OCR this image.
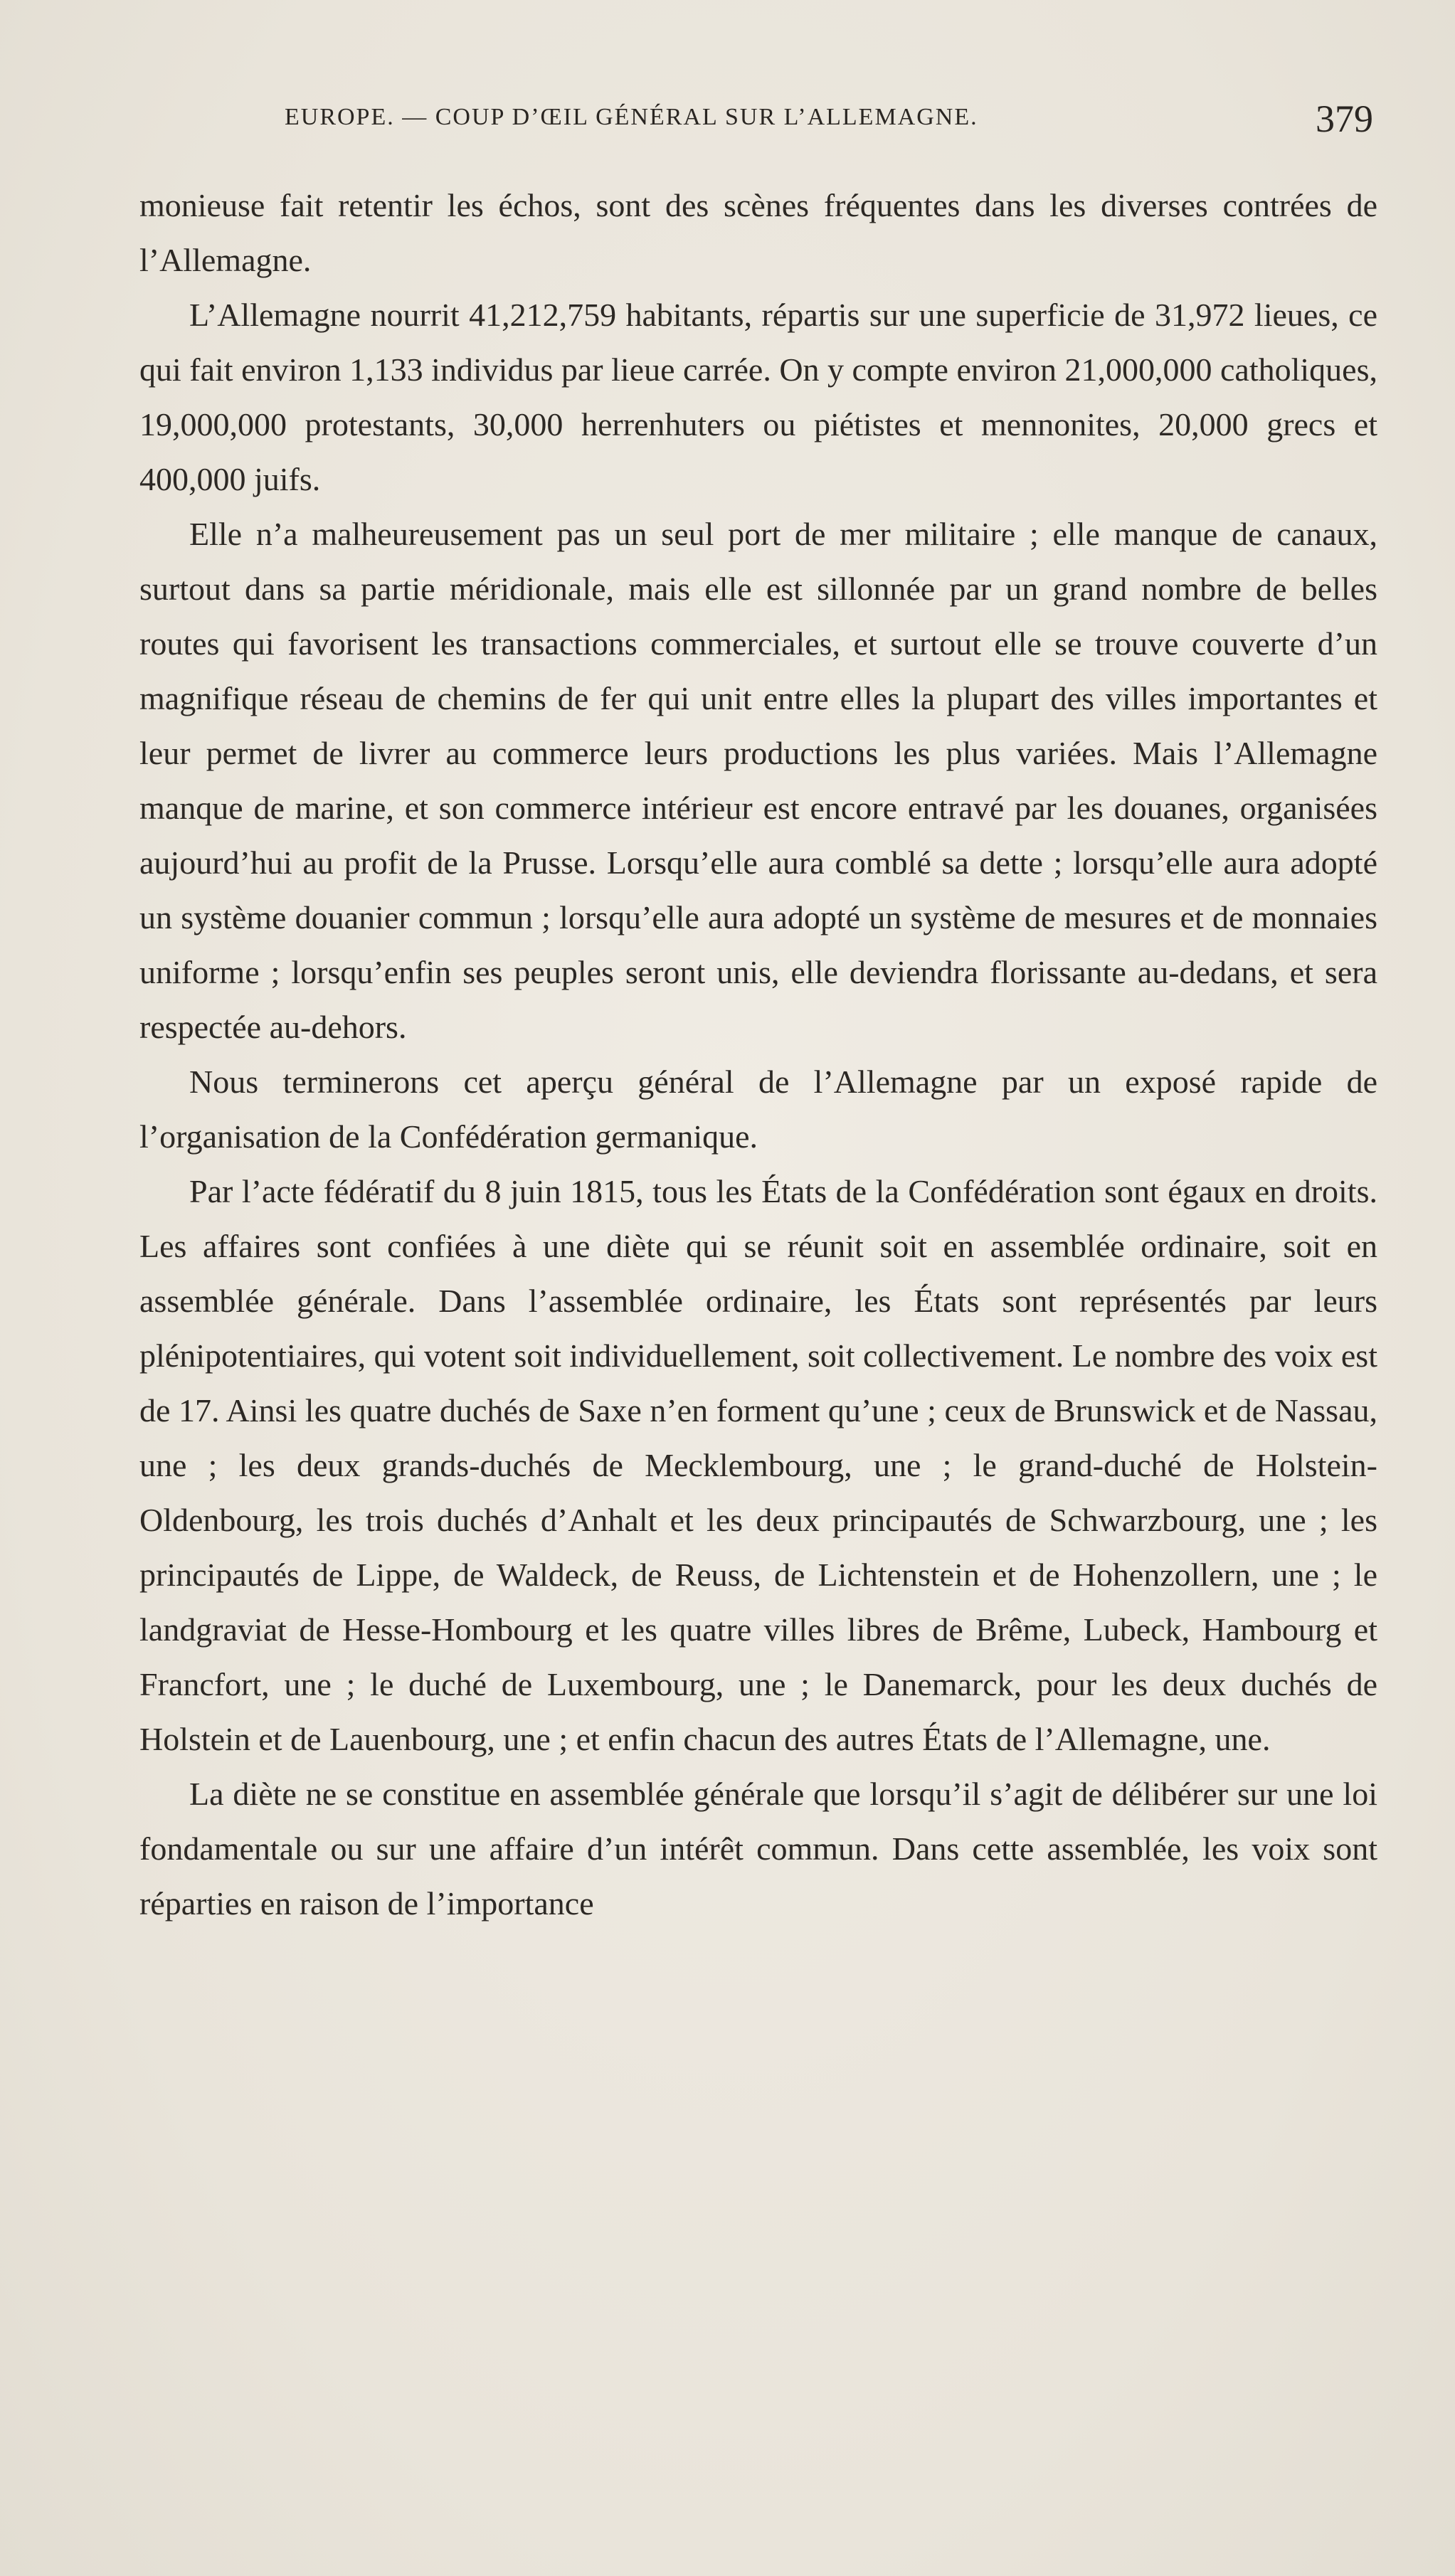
EUROPE. — COUP D’ŒIL GÉNÉRAL SUR L’ALLEMAGNE.	379

monieuse fait retentir les échos, sont des scènes fréquentes dans les diverses contrées de l’Allemagne.

L’Allemagne nourrit 41,212,759 habitants, répartis sur une superficie de 31,972 lieues, ce qui fait environ 1,133 individus par lieue carrée. On y compte environ 21,000,000 catholiques, 19,000,000 protestants, 30,000 herrenhuters ou piétistes et mennonites, 20,000 grecs et 400,000 juifs.

Elle n’a malheureusement pas un seul port de mer militaire ; elle manque de canaux, surtout dans sa partie méridionale, mais elle est sillonnée par un grand nombre de belles routes qui favorisent les transactions commerciales, et surtout elle se trouve couverte d’un magnifique réseau de chemins de fer qui unit entre elles la plupart des villes importantes et leur permet de livrer au commerce leurs productions les plus variées. Mais l’Allemagne manque de marine, et son commerce intérieur est encore entravé par les douanes, organisées aujourd’hui au profit de la Prusse. Lorsqu’elle aura comblé sa dette ; lorsqu’elle aura adopté un système douanier commun ; lorsqu’elle aura adopté un système de mesures et de monnaies uniforme ; lorsqu’enfin ses peuples seront unis, elle deviendra florissante au-dedans, et sera respectée au-dehors.

Nous terminerons cet aperçu général de l’Allemagne par un exposé rapide de l’organisation de la Confédération germanique.

Par l’acte fédératif du 8 juin 1815, tous les États de la Confédération sont égaux en droits. Les affaires sont confiées à une diète qui se réunit soit en assemblée ordinaire, soit en assemblée générale. Dans l’assemblée ordinaire, les États sont représentés par leurs plénipotentiaires, qui votent soit individuellement, soit collectivement. Le nombre des voix est de 17. Ainsi les quatre duchés de Saxe n’en forment qu’une ; ceux de Brunswick et de Nassau, une ; les deux grands-duchés de Mecklembourg, une ; le grand-duché de Holstein-Oldenbourg, les trois duchés d’Anhalt et les deux principautés de Schwarzbourg, une ; les principautés de Lippe, de Waldeck, de Reuss, de Lichtenstein et de Hohenzollern, une ; le landgraviat de Hesse-Hombourg et les quatre villes libres de Brême, Lubeck, Hambourg et Francfort, une ; le duché de Luxembourg, une ; le Danemarck, pour les deux duchés de Holstein et de Lauenbourg, une ; et enfin chacun des autres États de l’Allemagne, une.

La diète ne se constitue en assemblée générale que lorsqu’il s’agit de délibérer sur une loi fondamentale ou sur une affaire d’un intérêt commun. Dans cette assemblée, les voix sont réparties en raison de l’importance
